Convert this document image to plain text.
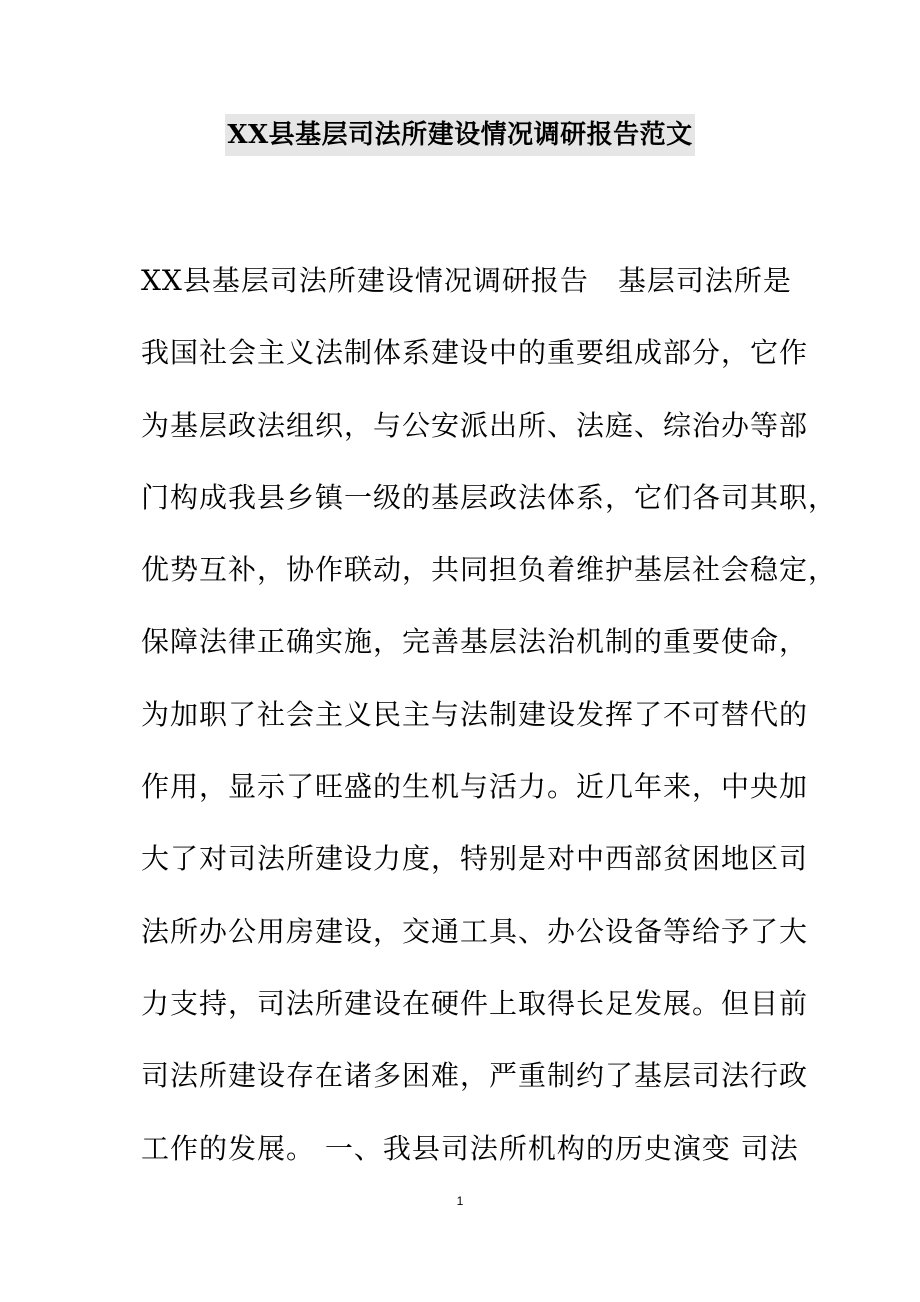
XX县基层司法所建设情况调研报告范文
XX县基层司法所建设情况调研报告　基层司法所是
我国社会主义法制体系建设中的重要组成部分，它作
为基层政法组织，与公安派出所、法庭、综治办等部
门构成我县乡镇一级的基层政法体系，它们各司其职，
优势互补，协作联动，共同担负着维护基层社会稳定，
保障法律正确实施，完善基层法治机制的重要使命，
为加职了社会主义民主与法制建设发挥了不可替代的
作用，显示了旺盛的生机与活力。近几年来，中央加
大了对司法所建设力度，特别是对中西部贫困地区司
法所办公用房建设，交通工具、办公设备等给予了大
力支持，司法所建设在硬件上取得长足发展。但目前
司法所建设存在诸多困难，严重制约了基层司法行政
工作的发展。 一、我县司法所机构的历史演变 司法
1
